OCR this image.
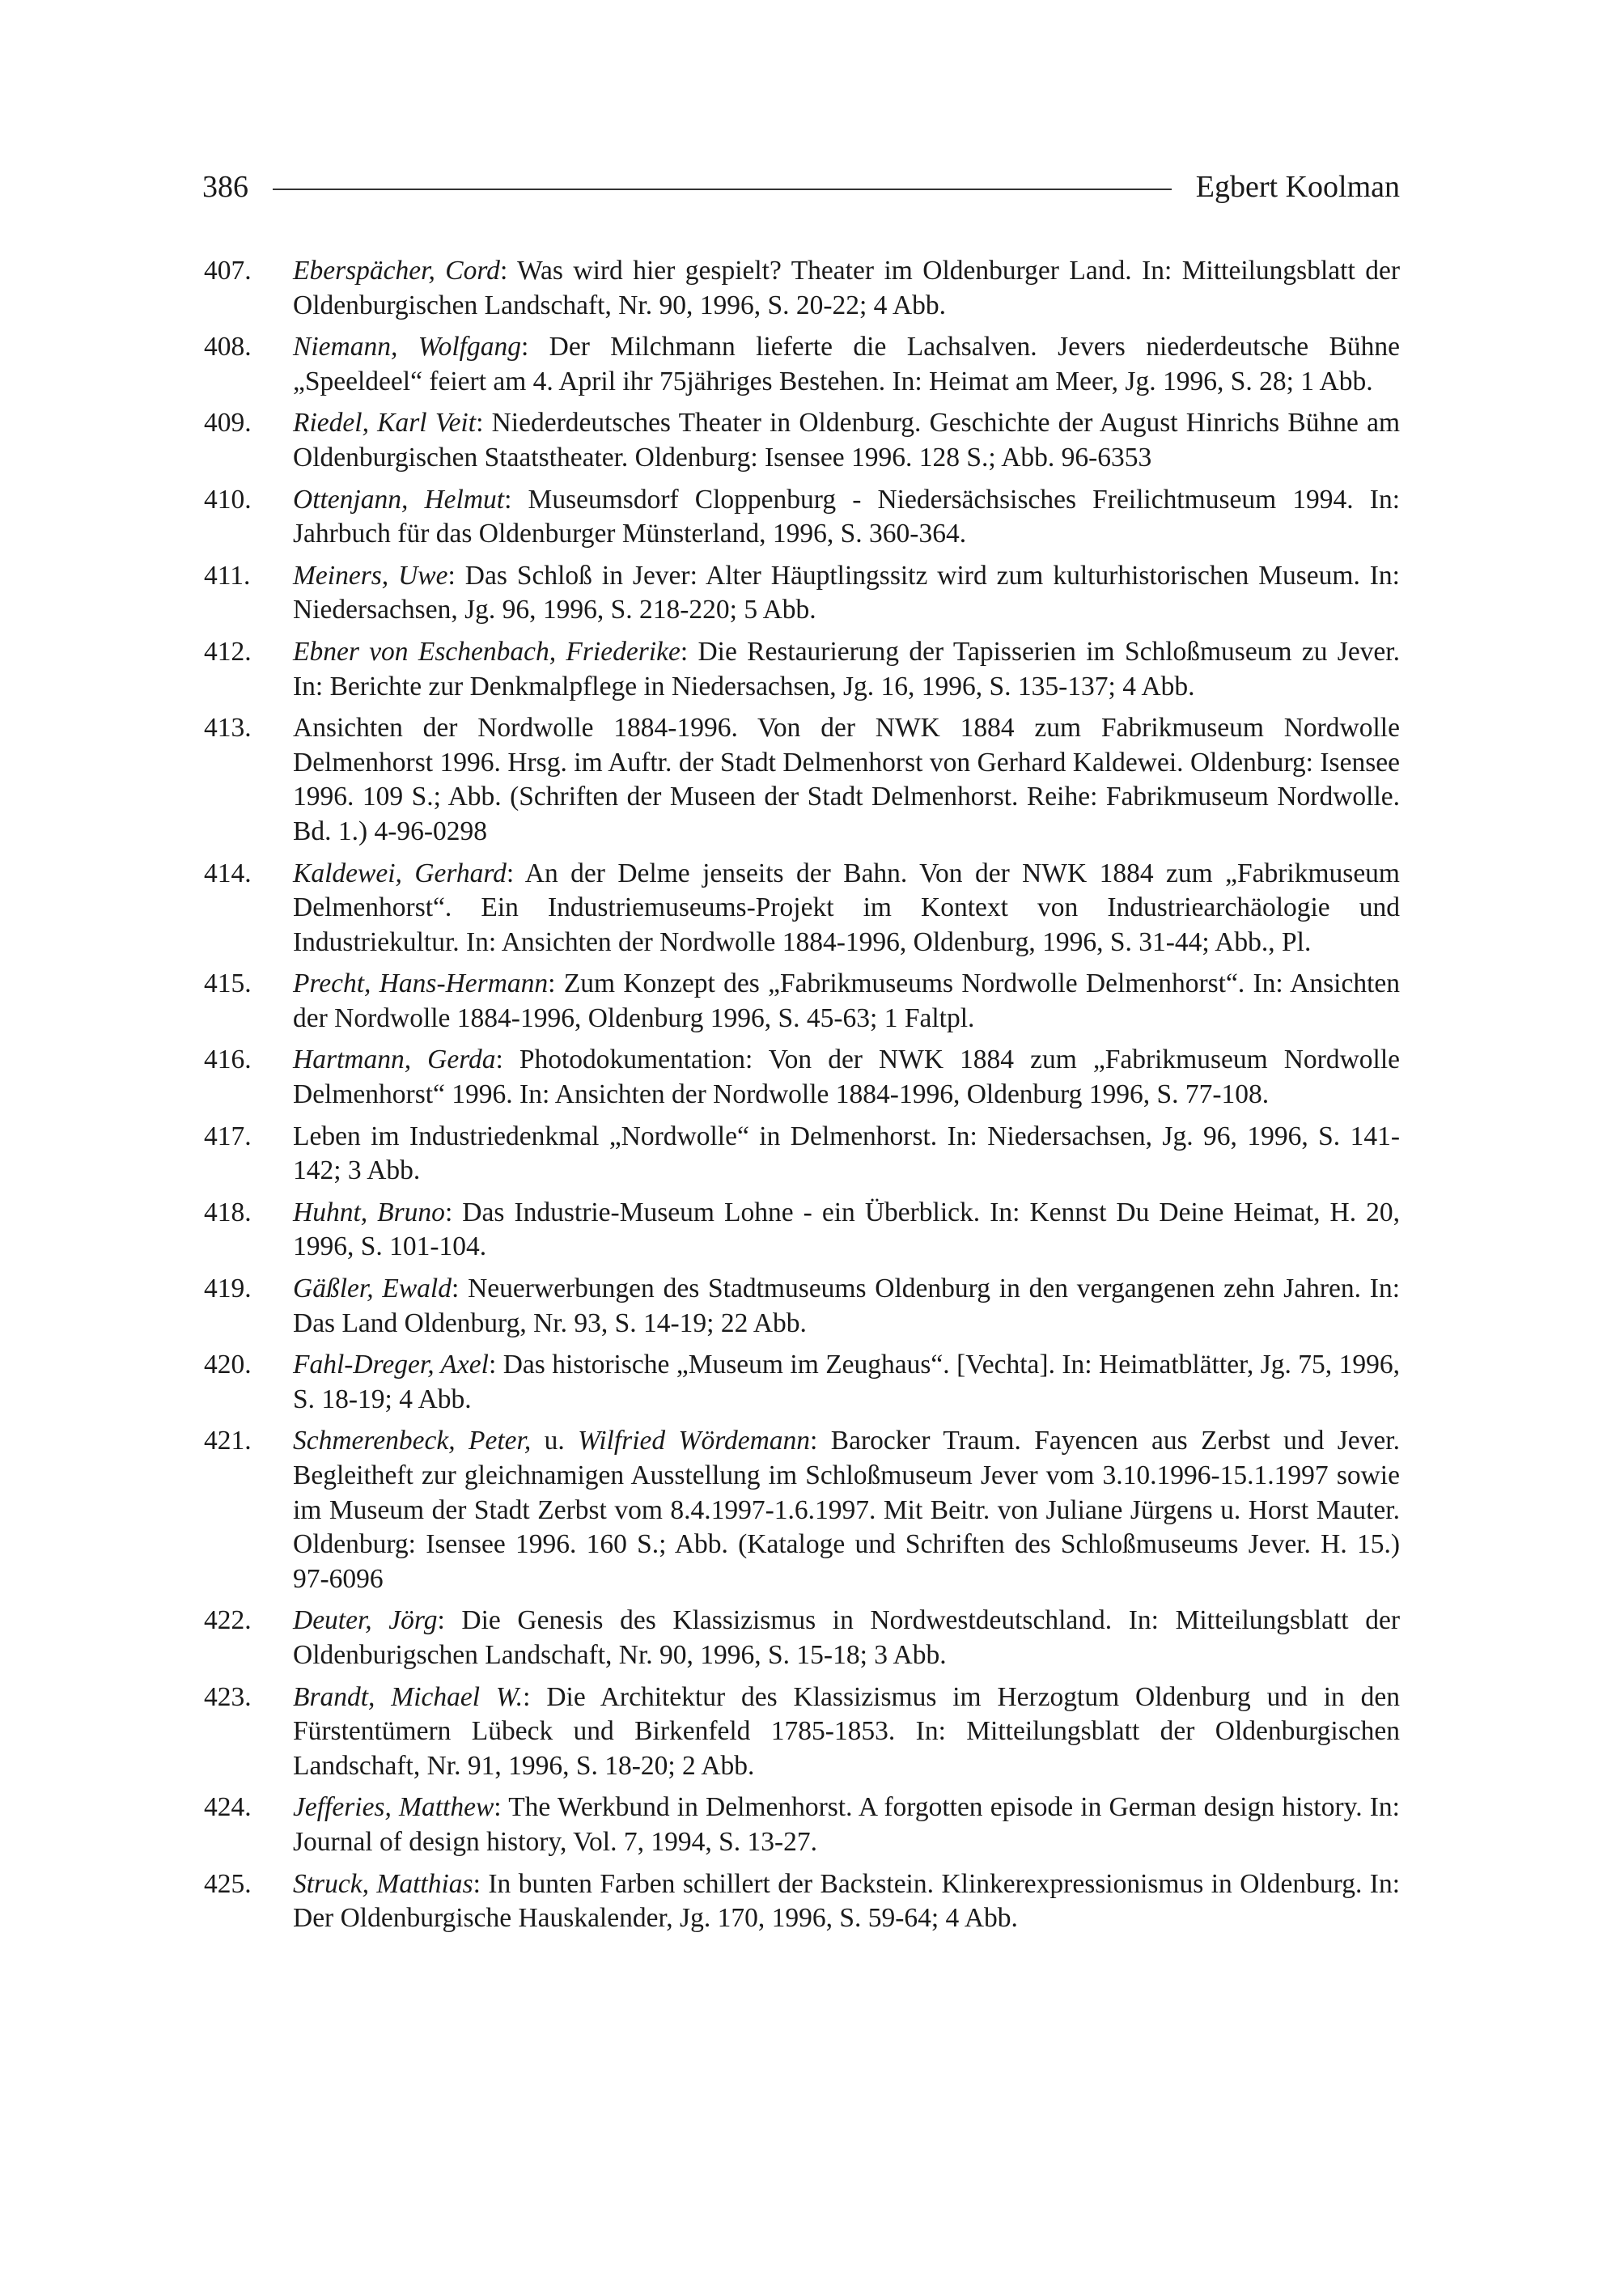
386	Egbert Koolman
407.	Eberspächer, Cord: Was wird hier gespielt? Theater im Oldenburger Land. In: Mitteilungsblatt der Oldenburgischen Landschaft, Nr. 90, 1996, S. 20-22; 4 Abb.
408.	Niemann, Wolfgang: Der Milchmann lieferte die Lachsalven. Jevers niederdeutsche Bühne „Speeldeel“ feiert am 4. April ihr 75jähriges Bestehen. In: Heimat am Meer, Jg. 1996, S. 28; 1 Abb.
409.	Riedel, Karl Veit: Niederdeutsches Theater in Oldenburg. Geschichte der August Hinrichs Bühne am Oldenburgischen Staatstheater. Oldenburg: Isensee 1996. 128 S.; Abb. 96-6353
410.	Ottenjann, Helmut: Museumsdorf Cloppenburg - Niedersächsisches Freilichtmuseum 1994. In: Jahrbuch für das Oldenburger Münsterland, 1996, S. 360-364.
411.	Meiners, Uwe: Das Schloß in Jever: Alter Häuptlingssitz wird zum kulturhistorischen Museum. In: Niedersachsen, Jg. 96, 1996, S. 218-220; 5 Abb.
412.	Ebner von Eschenbach, Friederike: Die Restaurierung der Tapisserien im Schloßmuseum zu Jever. In: Berichte zur Denkmalpflege in Niedersachsen, Jg. 16, 1996, S. 135-137; 4 Abb.
413.	Ansichten der Nordwolle 1884-1996. Von der NWK 1884 zum Fabrikmuseum Nordwolle Delmenhorst 1996. Hrsg. im Auftr. der Stadt Delmenhorst von Gerhard Kaldewei. Oldenburg: Isensee 1996. 109 S.; Abb. (Schriften der Museen der Stadt Delmenhorst. Reihe: Fabrikmuseum Nordwolle. Bd. 1.) 4-96-0298
414.	Kaldewei, Gerhard: An der Delme jenseits der Bahn. Von der NWK 1884 zum „Fabrikmuseum Delmenhorst“. Ein Industriemuseums-Projekt im Kontext von Industriearchäologie und Industriekultur. In: Ansichten der Nordwolle 1884-1996, Oldenburg, 1996, S. 31-44; Abb., Pl.
415.	Precht, Hans-Hermann: Zum Konzept des „Fabrikmuseums Nordwolle Delmenhorst“. In: Ansichten der Nordwolle 1884-1996, Oldenburg 1996, S. 45-63; 1 Faltpl.
416.	Hartmann, Gerda: Photodokumentation: Von der NWK 1884 zum „Fabrikmuseum Nordwolle Delmenhorst“ 1996. In: Ansichten der Nordwolle 1884-1996, Oldenburg 1996, S. 77-108.
417.	Leben im Industriedenkmal „Nordwolle“ in Delmenhorst. In: Niedersachsen, Jg. 96, 1996, S. 141-142; 3 Abb.
418.	Huhnt, Bruno: Das Industrie-Museum Lohne - ein Überblick. In: Kennst Du Deine Heimat, H. 20, 1996, S. 101-104.
419.	Gäßler, Ewald: Neuerwerbungen des Stadtmuseums Oldenburg in den vergangenen zehn Jahren. In: Das Land Oldenburg, Nr. 93, S. 14-19; 22 Abb.
420.	Fahl-Dreger, Axel: Das historische „Museum im Zeughaus“. [Vechta]. In: Heimatblätter, Jg. 75, 1996, S. 18-19; 4 Abb.
421.	Schmerenbeck, Peter, u. Wilfried Wördemann: Barocker Traum. Fayencen aus Zerbst und Jever. Begleitheft zur gleichnamigen Ausstellung im Schloßmuseum Jever vom 3.10.1996-15.1.1997 sowie im Museum der Stadt Zerbst vom 8.4.1997-1.6.1997. Mit Beitr. von Juliane Jürgens u. Horst Mauter. Oldenburg: Isensee 1996. 160 S.; Abb. (Kataloge und Schriften des Schloßmuseums Jever. H. 15.) 97-6096
422.	Deuter, Jörg: Die Genesis des Klassizismus in Nordwestdeutschland. In: Mitteilungsblatt der Oldenburigschen Landschaft, Nr. 90, 1996, S. 15-18; 3 Abb.
423.	Brandt, Michael W.: Die Architektur des Klassizismus im Herzogtum Oldenburg und in den Fürstentümern Lübeck und Birkenfeld 1785-1853. In: Mitteilungsblatt der Oldenburgischen Landschaft, Nr. 91, 1996, S. 18-20; 2 Abb.
424.	Jefferies, Matthew: The Werkbund in Delmenhorst. A forgotten episode in German design history. In: Journal of design history, Vol. 7, 1994, S. 13-27.
425.	Struck, Matthias: In bunten Farben schillert der Backstein. Klinkerexpressionismus in Oldenburg. In: Der Oldenburgische Hauskalender, Jg. 170, 1996, S. 59-64; 4 Abb.
